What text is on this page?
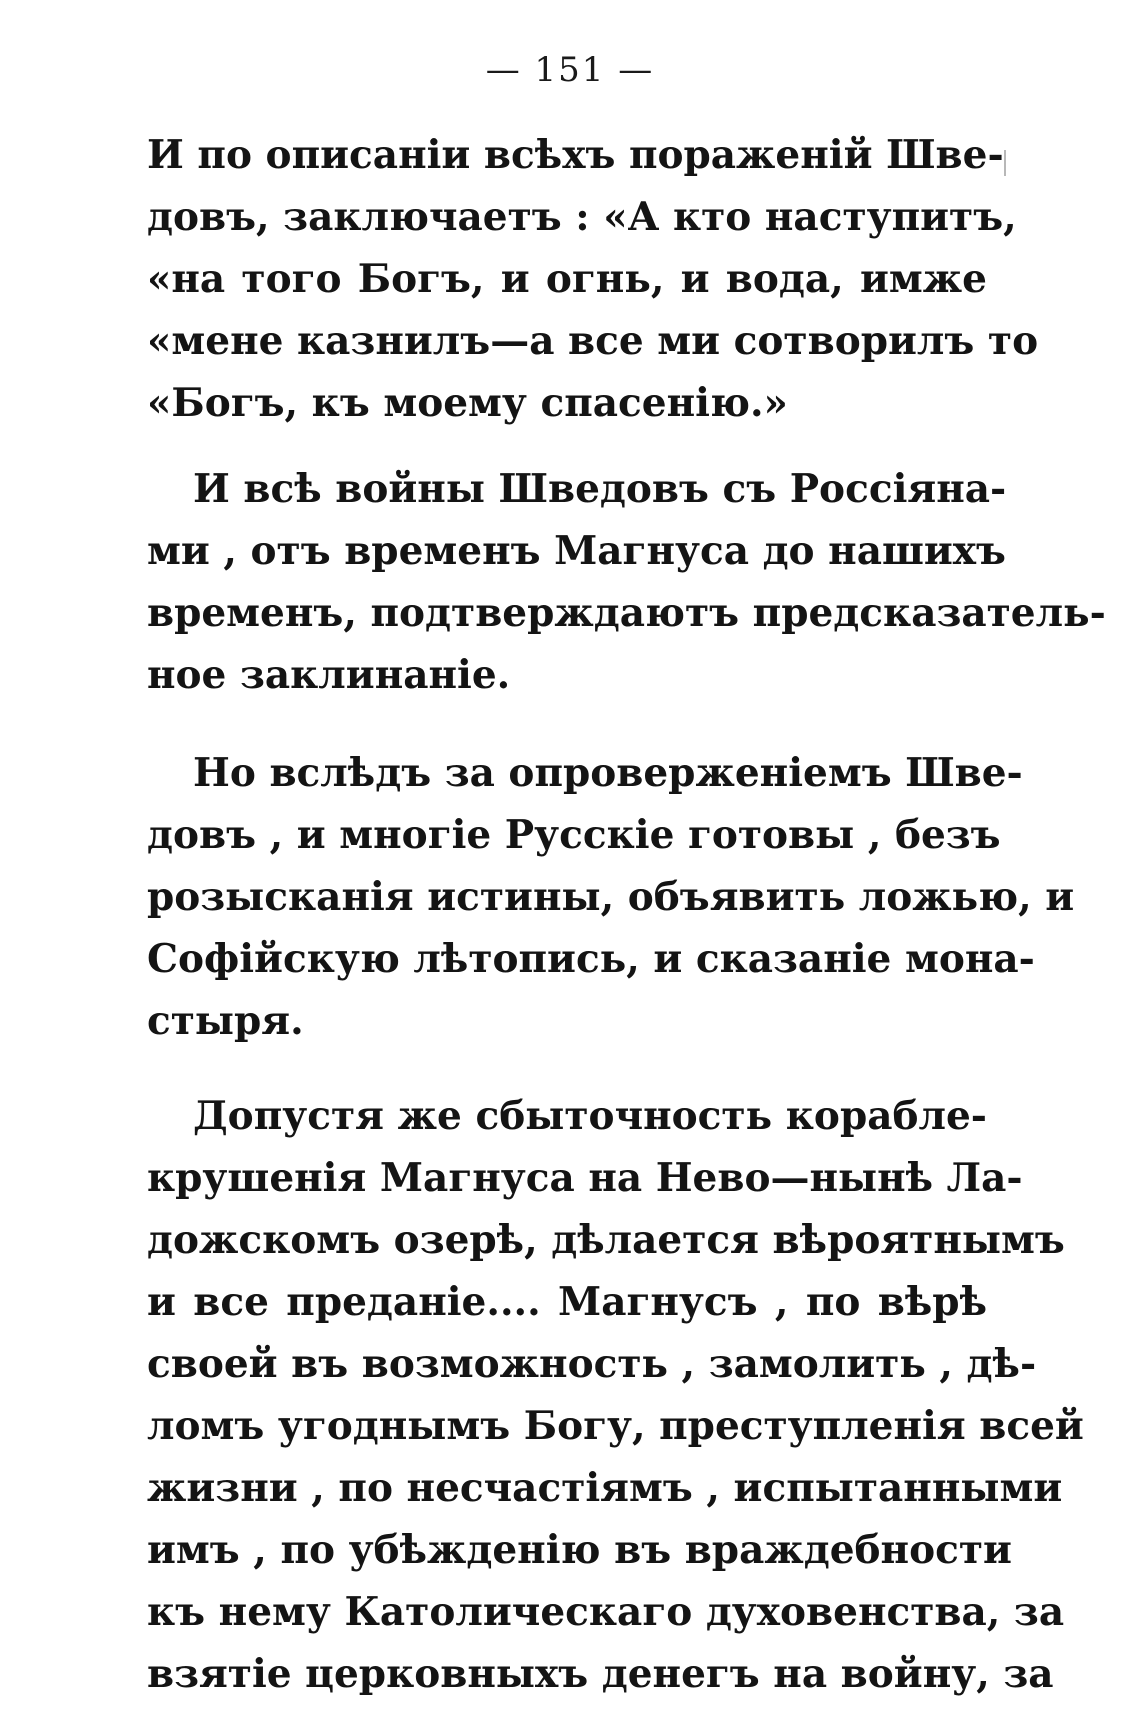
— 151 —
И по описаніи всѣхъ пораженій Шве-
довъ, заключаетъ : «А кто наступитъ,
«на того Богъ, и огнь, и вода, имже
«мене казнилъ—а все ми сотворилъ то
«Богъ, къ моему спасенію.»
И всѣ войны Шведовъ съ Россіяна-
ми , отъ временъ Магнуса до нашихъ
временъ, подтверждаютъ предсказатель-
ное заклинаніе.
Но вслѣдъ за опроверженіемъ Шве-
довъ , и многіе Русскіе готовы , безъ
розысканія истины, объявить ложью, и
Софійскую лѣтопись, и сказаніе мона-
стыря.
Допустя же сбыточность корабле-
крушенія Магнуса на Нево—нынѣ Ла-
дожскомъ озерѣ, дѣлается вѣроятнымъ
и все преданіе.... Магнусъ , по вѣрѣ
своей въ возможность , замолить , дѣ-
ломъ угоднымъ Богу, преступленія всей
жизни , по несчастіямъ , испытанными
имъ , по убѣжденію въ враждебности
къ нему Католическаго духовенства, за
взятіе церковныхъ денегъ на войну, за
